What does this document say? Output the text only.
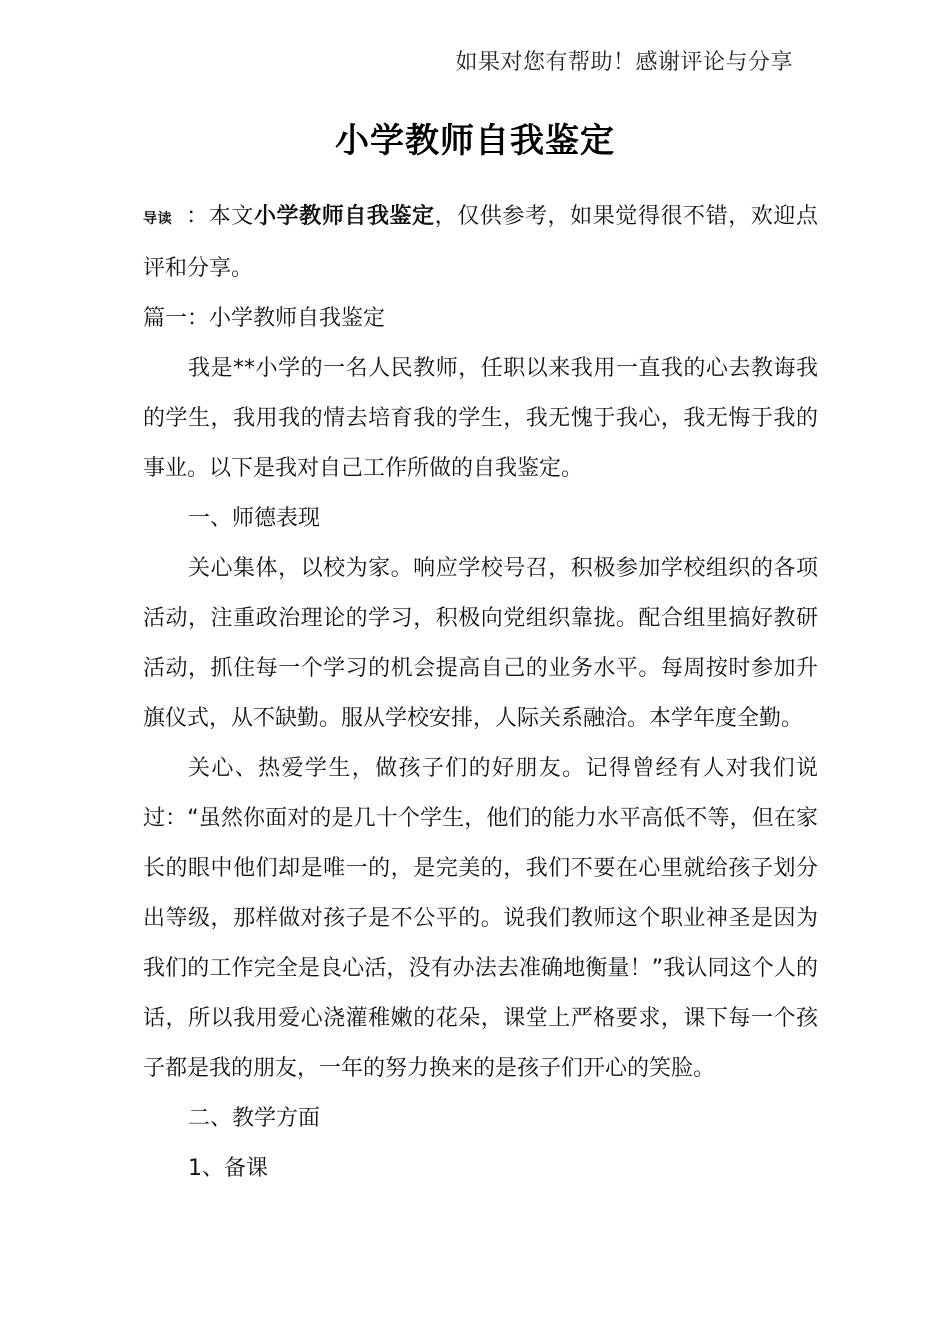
如果对您有帮助！感谢评论与分享
小学教师自我鉴定

导读 ：本文小学教师自我鉴定，仅供参考，如果觉得很不错，欢迎点评和分享。

篇一：小学教师自我鉴定

我是**小学的一名人民教师，任职以来我用一直我的心去教诲我的学生，我用我的情去培育我的学生，我无愧于我心，我无悔于我的事业。以下是我对自己工作所做的自我鉴定。

一、师德表现

关心集体，以校为家。响应学校号召，积极参加学校组织的各项活动，注重政治理论的学习，积极向党组织靠拢。配合组里搞好教研活动，抓住每一个学习的机会提高自己的业务水平。每周按时参加升旗仪式，从不缺勤。服从学校安排，人际关系融洽。本学年度全勤。

关心、热爱学生，做孩子们的好朋友。记得曾经有人对我们说过：“虽然你面对的是几十个学生，他们的能力水平高低不等，但在家长的眼中他们却是唯一的，是完美的，我们不要在心里就给孩子划分出等级，那样做对孩子是不公平的。说我们教师这个职业神圣是因为我们的工作完全是良心活，没有办法去准确地衡量！”我认同这个人的话，所以我用爱心浇灌稚嫩的花朵，课堂上严格要求，课下每一个孩子都是我的朋友，一年的努力换来的是孩子们开心的笑脸。

二、教学方面

1、备课
